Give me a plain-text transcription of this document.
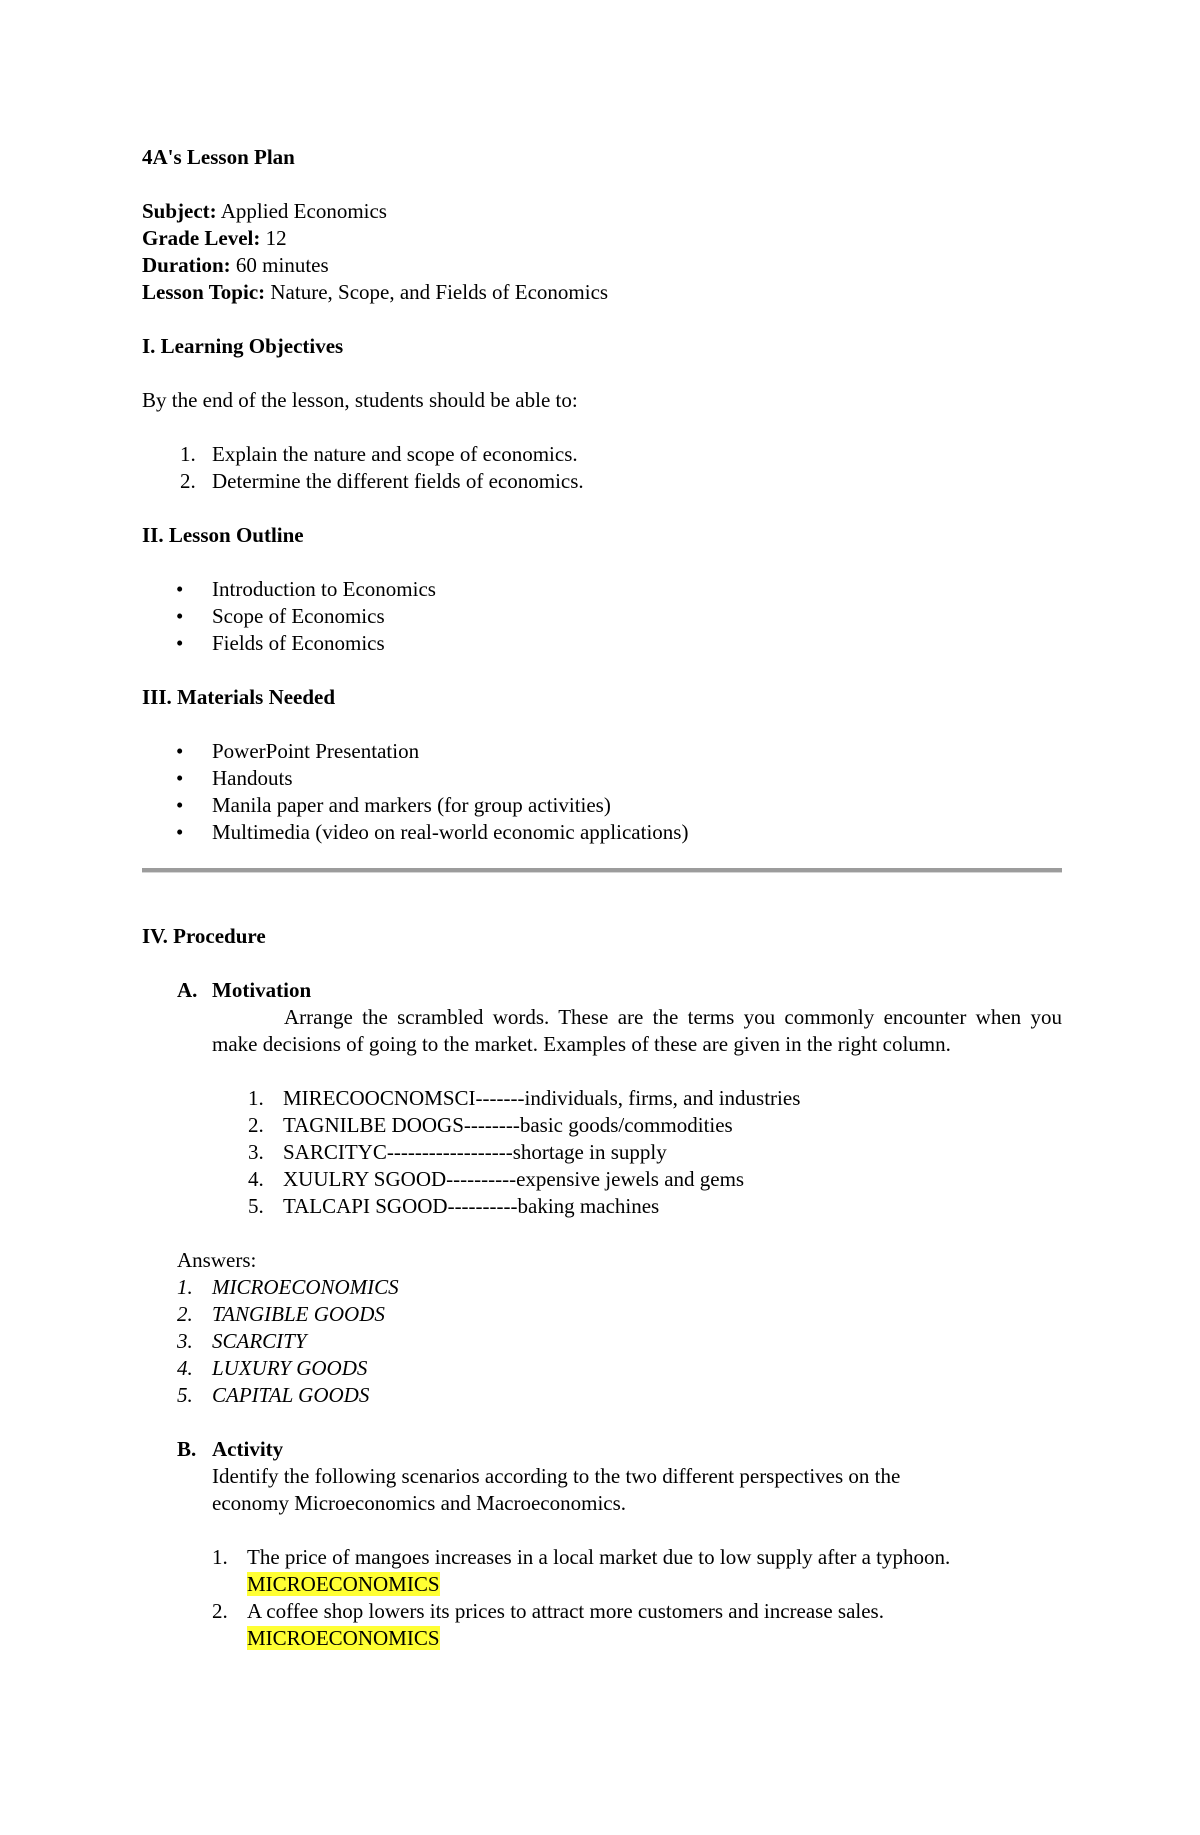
4A's Lesson Plan
Subject: Applied Economics
Grade Level: 12
Duration: 60 minutes
Lesson Topic: Nature, Scope, and Fields of Economics
I. Learning Objectives
By the end of the lesson, students should be able to:
1. Explain the nature and scope of economics.
2. Determine the different fields of economics.
II. Lesson Outline
•	Introduction to Economics
•	Scope of Economics
•	Fields of Economics
III. Materials Needed
•	PowerPoint Presentation
•	Handouts
•	Manila paper and markers (for group activities)
•	Multimedia (video on real-world economic applications)
IV. Procedure
A. Motivation
Arrange the scrambled words. These are the terms you commonly encounter when you make decisions of going to the market. Examples of these are given in the right column.
1. MIRECOOCNOMSCI-------individuals, firms, and industries
2. TAGNILBE DOOGS--------basic goods/commodities
3. SARCITYC------------------shortage in supply
4. XUULRY SGOOD----------expensive jewels and gems
5. TALCAPI SGOOD----------baking machines
Answers:
1. MICROECONOMICS
2. TANGIBLE GOODS
3. SCARCITY
4. LUXURY GOODS
5. CAPITAL GOODS
B. Activity
Identify the following scenarios according to the two different perspectives on the
economy Microeconomics and Macroeconomics.
1. The price of mangoes increases in a local market due to low supply after a typhoon.
MICROECONOMICS
2. A coffee shop lowers its prices to attract more customers and increase sales.
MICROECONOMICS
